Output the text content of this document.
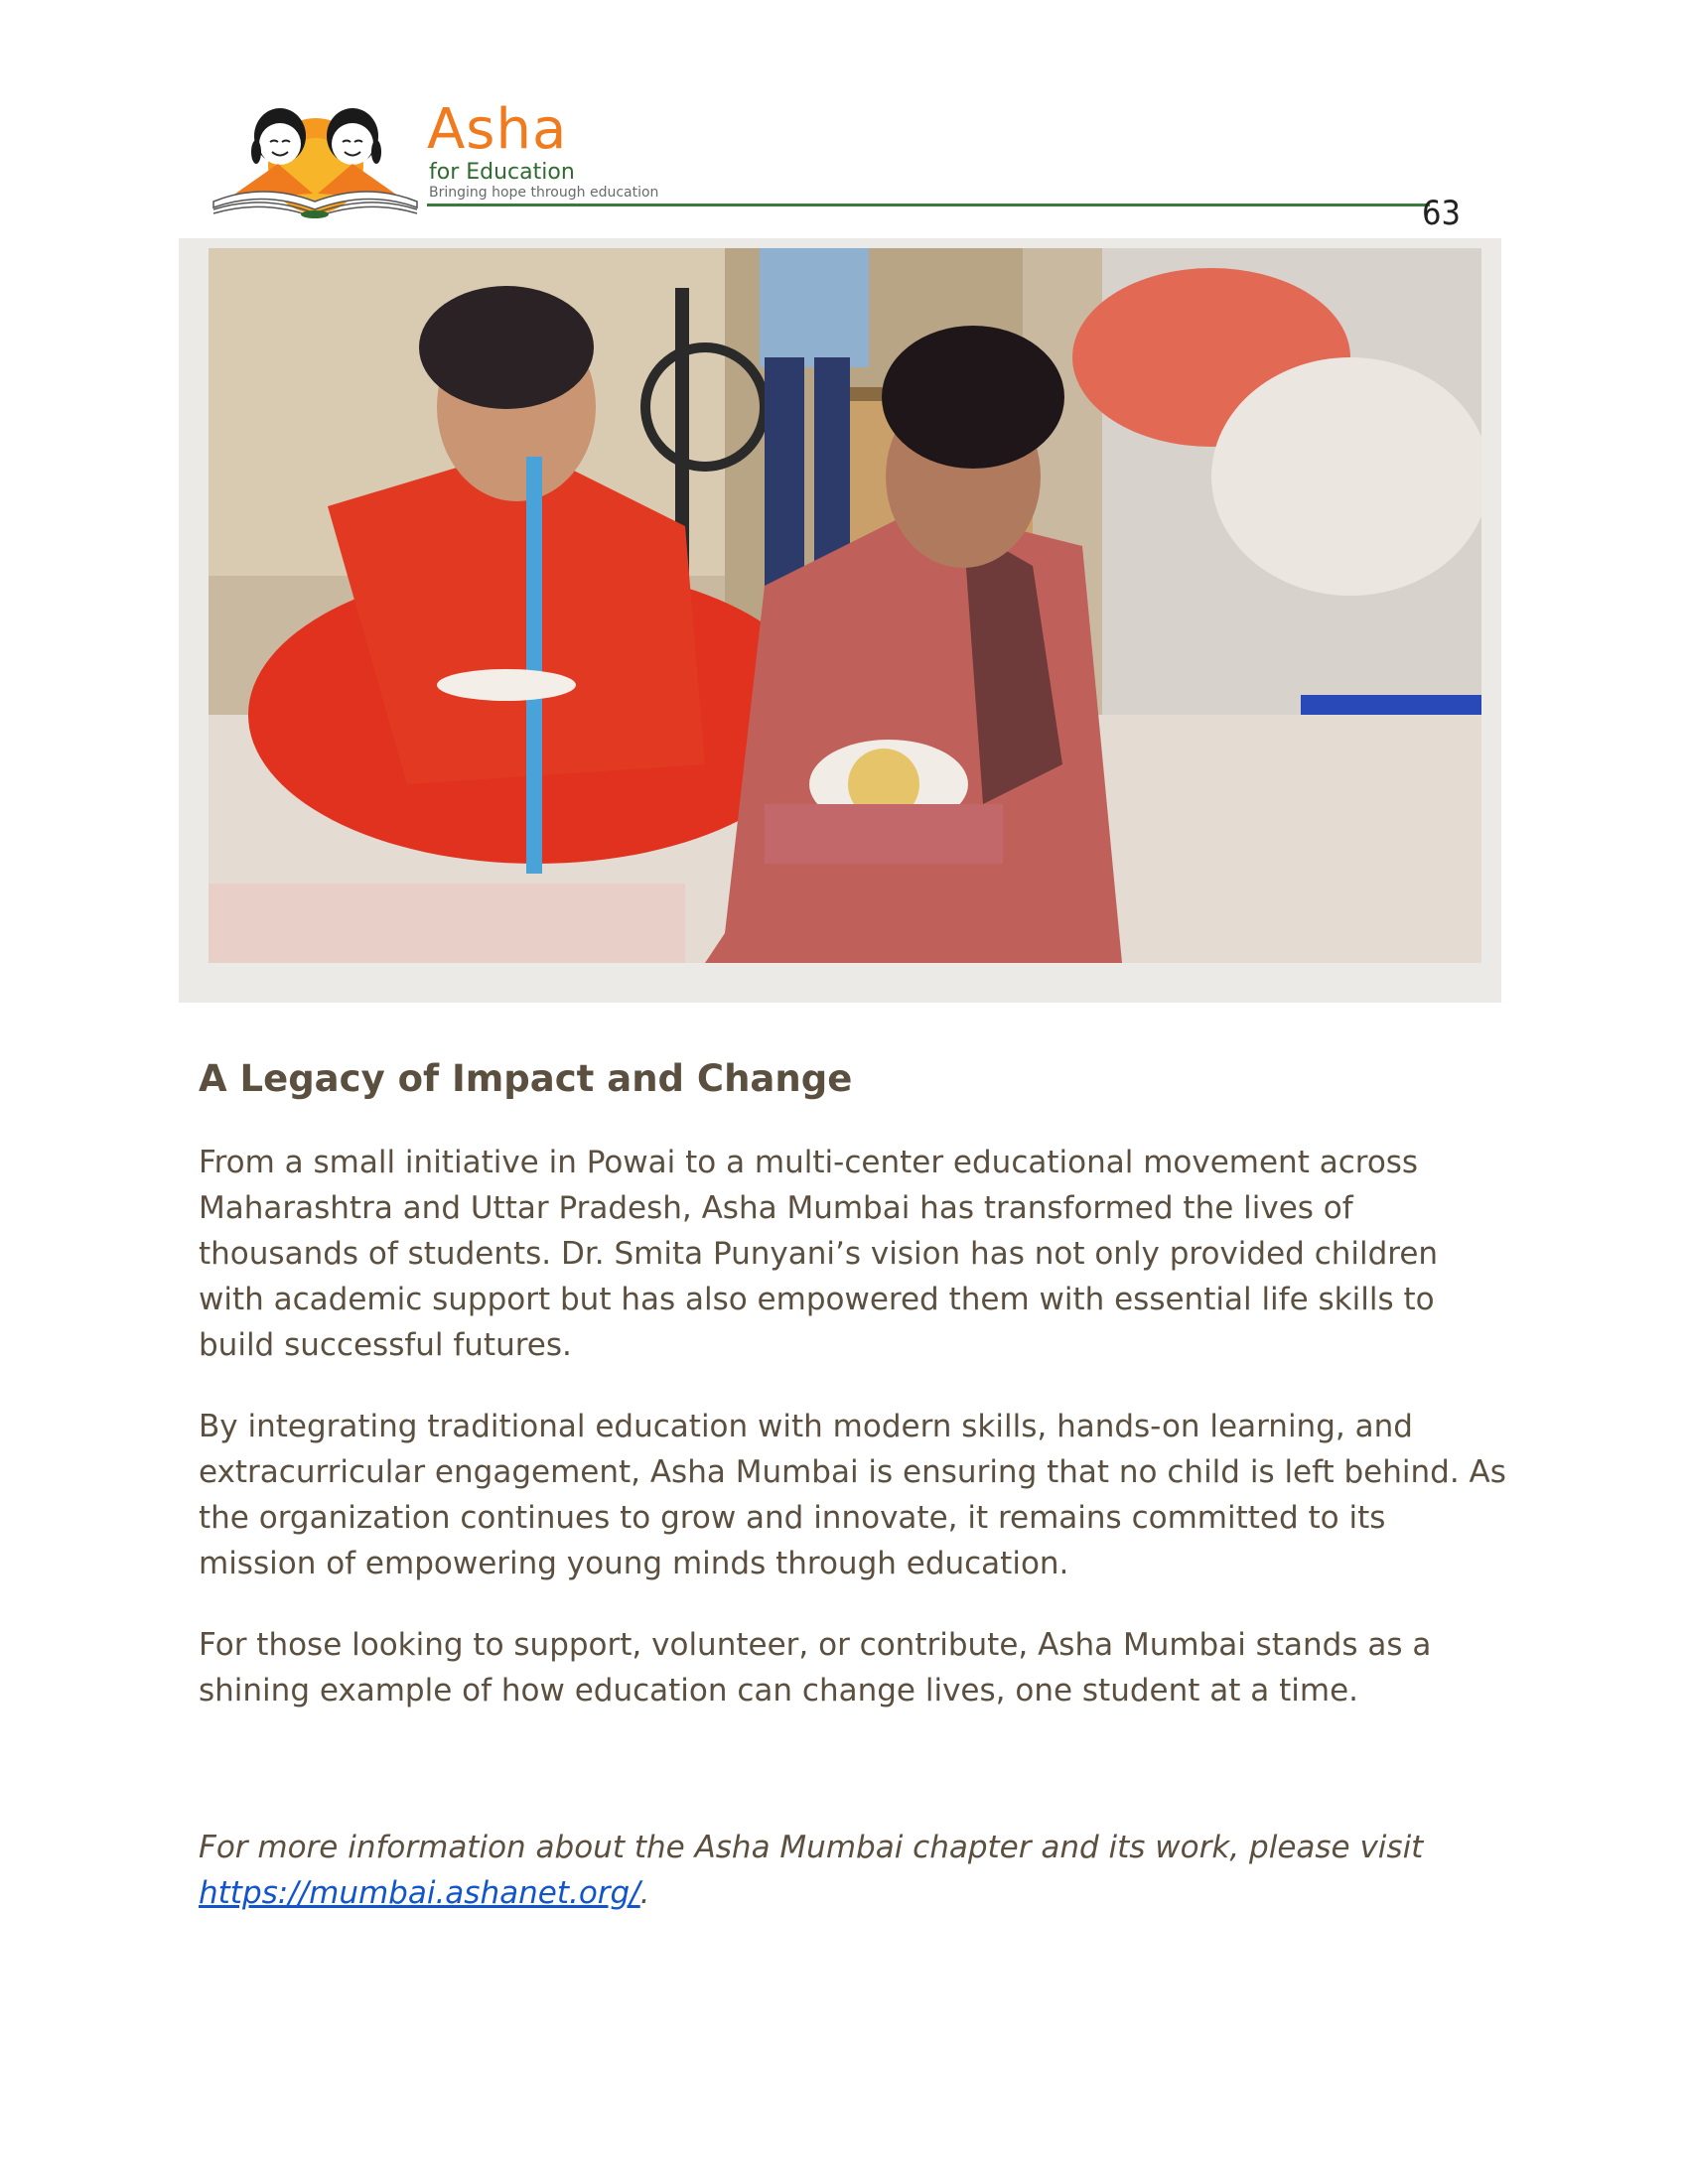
Asha
for Education
Bringing hope through education
63
A Legacy of Impact and Change

From a small initiative in Powai to a multi-center educational movement across Maharashtra and Uttar Pradesh, Asha Mumbai has transformed the lives of thousands of students. Dr. Smita Punyani’s vision has not only provided children with academic support but has also empowered them with essential life skills to build successful futures.

By integrating traditional education with modern skills, hands-on learning, and extracurricular engagement, Asha Mumbai is ensuring that no child is left behind. As the organization continues to grow and innovate, it remains committed to its mission of empowering young minds through education.

For those looking to support, volunteer, or contribute, Asha Mumbai stands as a shining example of how education can change lives, one student at a time.

For more information about the Asha Mumbai chapter and its work, please visit
https://mumbai.ashanet.org/.
